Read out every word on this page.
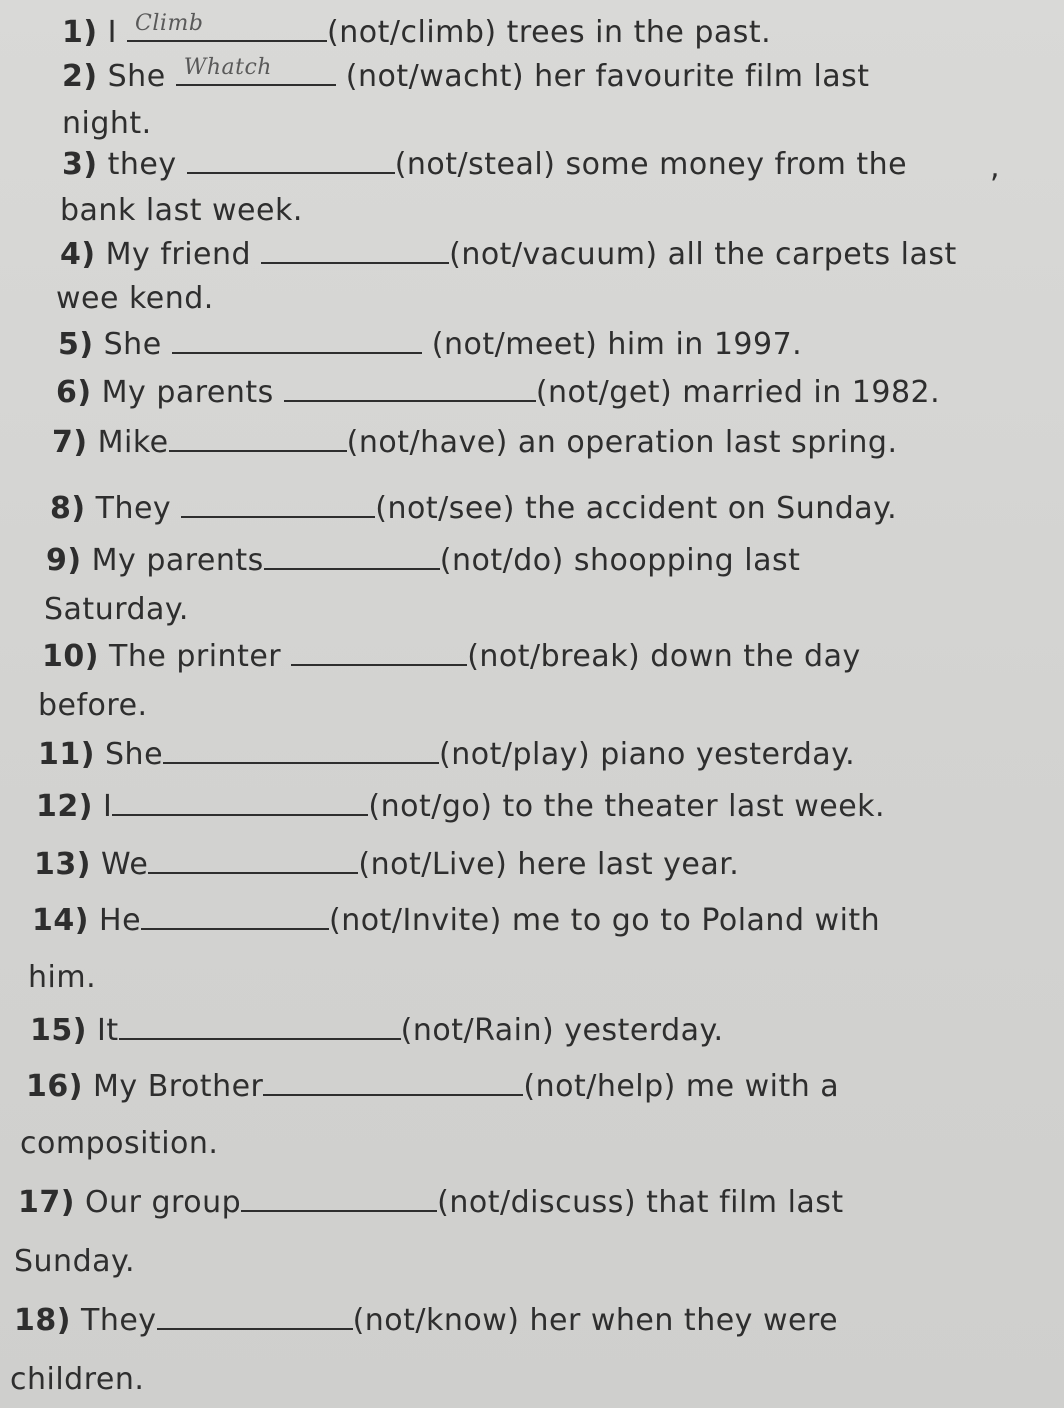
1) I Climb	(not/climb) trees in the past.
2) She Whatch (not/wacht) her favourite film last
night.
3) they	(not/steal) some money from the	,
bank last week.
4) My friend	(not/vacuum) all the carpets last
wee kend.
5) She	(not/meet) him in 1997.
6) My parents	(not/get) married in 1982.
7) Mike	(not/have) an operation last spring.
8) They	(not/see) the accident on Sunday.
9) My parents	(not/do) shoopping last
Saturday.
10) The printer	(not/break) down the day
before.
11) She	(not/play) piano yesterday.
12) I	(not/go) to the theater last week.
13) We	(not/Live) here last year.
14) He	(not/Invite) me to go to Poland with
him.
15) It	(not/Rain) yesterday.
16) My Brother	(not/help) me with a
composition.
17) Our group	(not/discuss) that film last
Sunday.
18) They	(not/know) her when they were
children.
